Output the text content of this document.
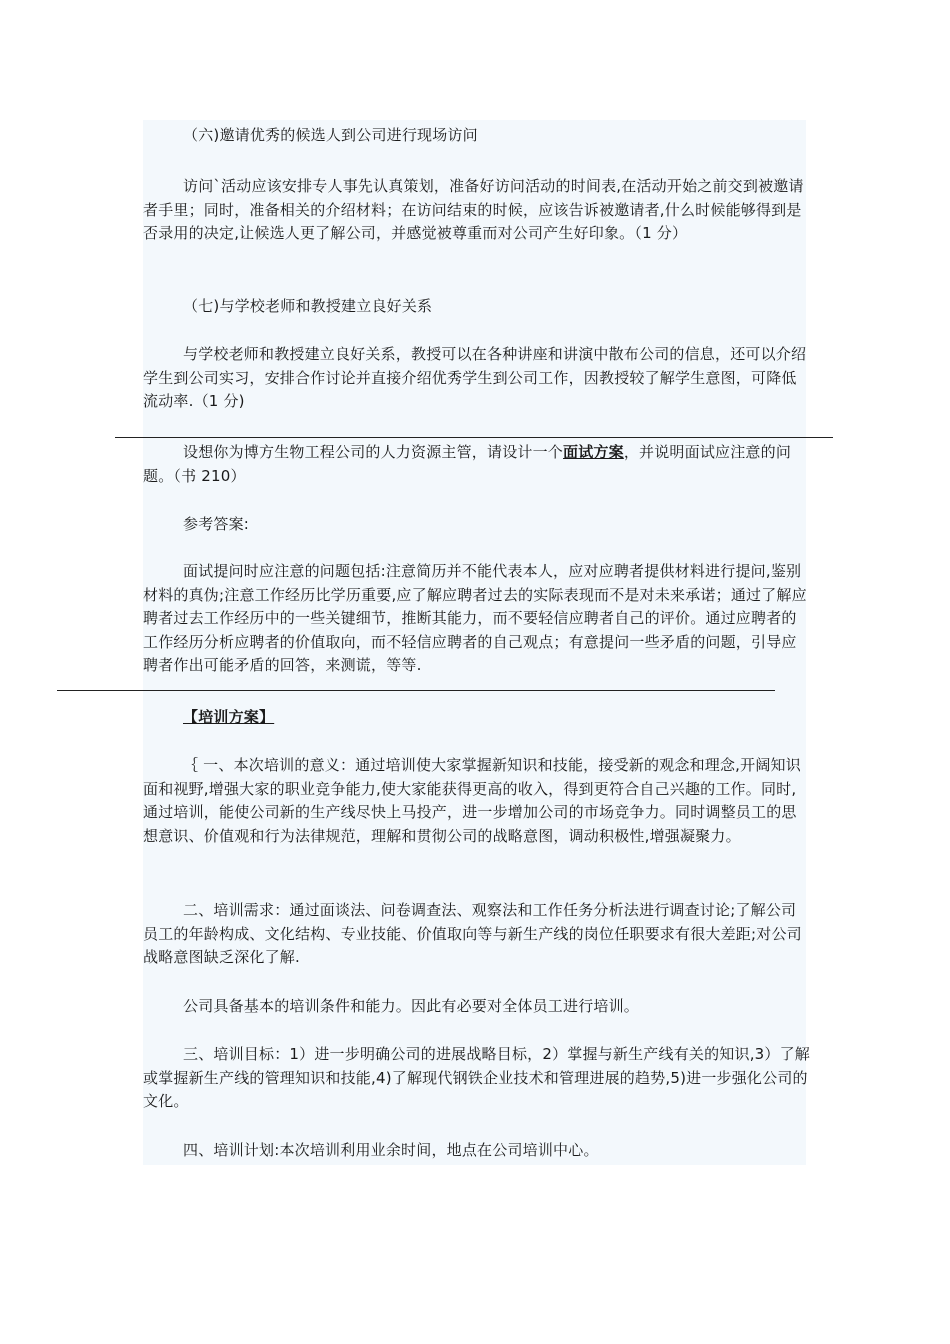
（六)邀请优秀的候选人到公司进行现场访问

访问`活动应该安排专人事先认真策划，准备好访问活动的时间表,在活动开始之前交到被邀请者手里；同时，准备相关的介绍材料；在访问结束的时候，应该告诉被邀请者,什么时候能够得到是否录用的决定,让候选人更了解公司，并感觉被尊重而对公司产生好印象。（1 分）

（七)与学校老师和教授建立良好关系

与学校老师和教授建立良好关系，教授可以在各种讲座和讲演中散布公司的信息，还可以介绍学生到公司实习，安排合作讨论并直接介绍优秀学生到公司工作，因教授较了解学生意图，可降低流动率.（1 分)

设想你为博方生物工程公司的人力资源主管，请设计一个面试方案，并说明面试应注意的问题。（书 210）

参考答案:

面试提问时应注意的问题包括:注意简历并不能代表本人，应对应聘者提供材料进行提问,鉴别材料的真伪;注意工作经历比学历重要,应了解应聘者过去的实际表现而不是对未来承诺；通过了解应聘者过去工作经历中的一些关键细节，推断其能力，而不要轻信应聘者自己的评价。通过应聘者的工作经历分析应聘者的价值取向，而不轻信应聘者的自己观点；有意提问一些矛盾的问题，引导应聘者作出可能矛盾的回答，来测谎，等等.

【培训方案】

｛ 一、本次培训的意义：通过培训使大家掌握新知识和技能，接受新的观念和理念,开阔知识面和视野,增强大家的职业竞争能力,使大家能获得更高的收入，得到更符合自己兴趣的工作。同时,通过培训，能使公司新的生产线尽快上马投产，进一步增加公司的市场竞争力。同时调整员工的思想意识、价值观和行为法律规范，理解和贯彻公司的战略意图，调动积极性,增强凝聚力。

二、培训需求：通过面谈法、问卷调查法、观察法和工作任务分析法进行调查讨论;了解公司员工的年龄构成、文化结构、专业技能、价值取向等与新生产线的岗位任职要求有很大差距;对公司战略意图缺乏深化了解.

公司具备基本的培训条件和能力。因此有必要对全体员工进行培训。

三、培训目标：1）进一步明确公司的进展战略目标，2）掌握与新生产线有关的知识,3）了解或掌握新生产线的管理知识和技能,4)了解现代钢铁企业技术和管理进展的趋势,5)进一步强化公司的文化。

四、培训计划:本次培训利用业余时间，地点在公司培训中心。
